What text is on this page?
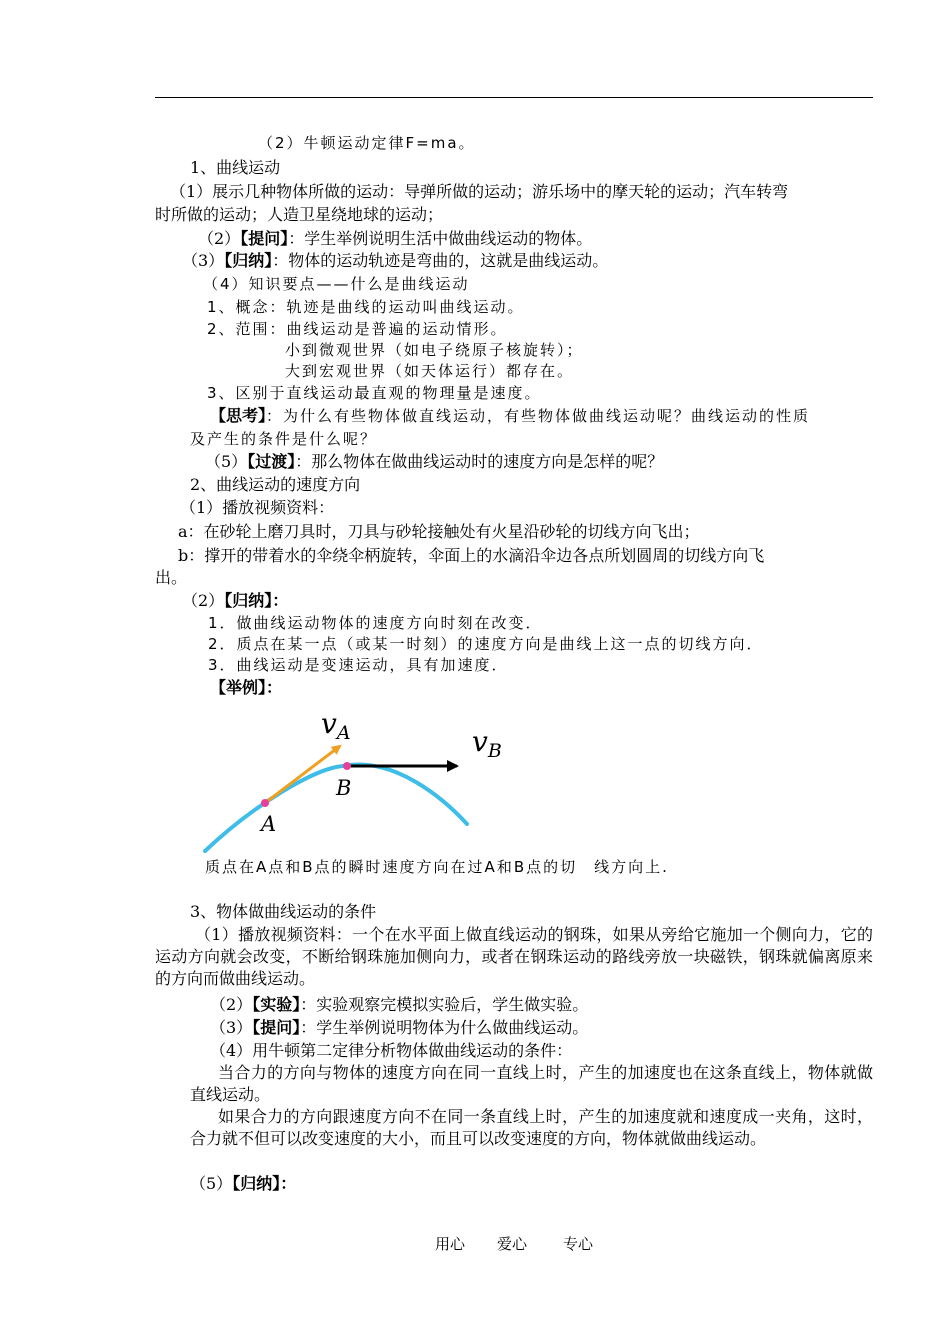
（2）牛顿运动定律F=ma。
1、曲线运动
（1）展示几种物体所做的运动：导弹所做的运动；游乐场中的摩天轮的运动；汽车转弯
时所做的运动；人造卫星绕地球的运动；
（2）【提问】：学生举例说明生活中做曲线运动的物体。
（3）【归纳】：物体的运动轨迹是弯曲的，这就是曲线运动。
（4）知识要点——什么是曲线运动
1、概念：轨迹是曲线的运动叫曲线运动。
2、范围：曲线运动是普遍的运动情形。
小到微观世界（如电子绕原子核旋转）；
大到宏观世界（如天体运行）都存在。
3、区别于直线运动最直观的物理量是速度。
【思考】：为什么有些物体做直线运动，有些物体做曲线运动呢？曲线运动的性质
及产生的条件是什么呢？
（5）【过渡】：那么物体在做曲线运动时的速度方向是怎样的呢？
2、曲线运动的速度方向
（1）播放视频资料：
a：在砂轮上磨刀具时，刀具与砂轮接触处有火星沿砂轮的切线方向飞出；
b：撑开的带着水的伞绕伞柄旋转，伞面上的水滴沿伞边各点所划圆周的切线方向飞
出。
（2）【归纳】：
1．做曲线运动物体的速度方向时刻在改变．
2．质点在某一点（或某一时刻）的速度方向是曲线上这一点的切线方向．
3．曲线运动是变速运动，具有加速度．
【举例】：
$v_A$	$v_B$
B
A
质点在A点和B点的瞬时速度方向在过A和B点的切　线方向上.
3、物体做曲线运动的条件
（1）播放视频资料：一个在水平面上做直线运动的钢珠，如果从旁给它施加一个侧向力，它的运动方向就会改变，不断给钢珠施加侧向力，或者在钢珠运动的路线旁放一块磁铁，钢珠就偏离原来的方向而做曲线运动。
（2）【实验】：实验观察完模拟实验后，学生做实验。
（3）【提问】：学生举例说明物体为什么做曲线运动。
（4）用牛顿第二定律分析物体做曲线运动的条件：
当合力的方向与物体的速度方向在同一直线上时，产生的加速度也在这条直线上，物体就做直线运动。
如果合力的方向跟速度方向不在同一条直线上时，产生的加速度就和速度成一夹角，这时，合力就不但可以改变速度的大小，而且可以改变速度的方向，物体就做曲线运动。
（5）【归纳】：
用心 爱心 专心
